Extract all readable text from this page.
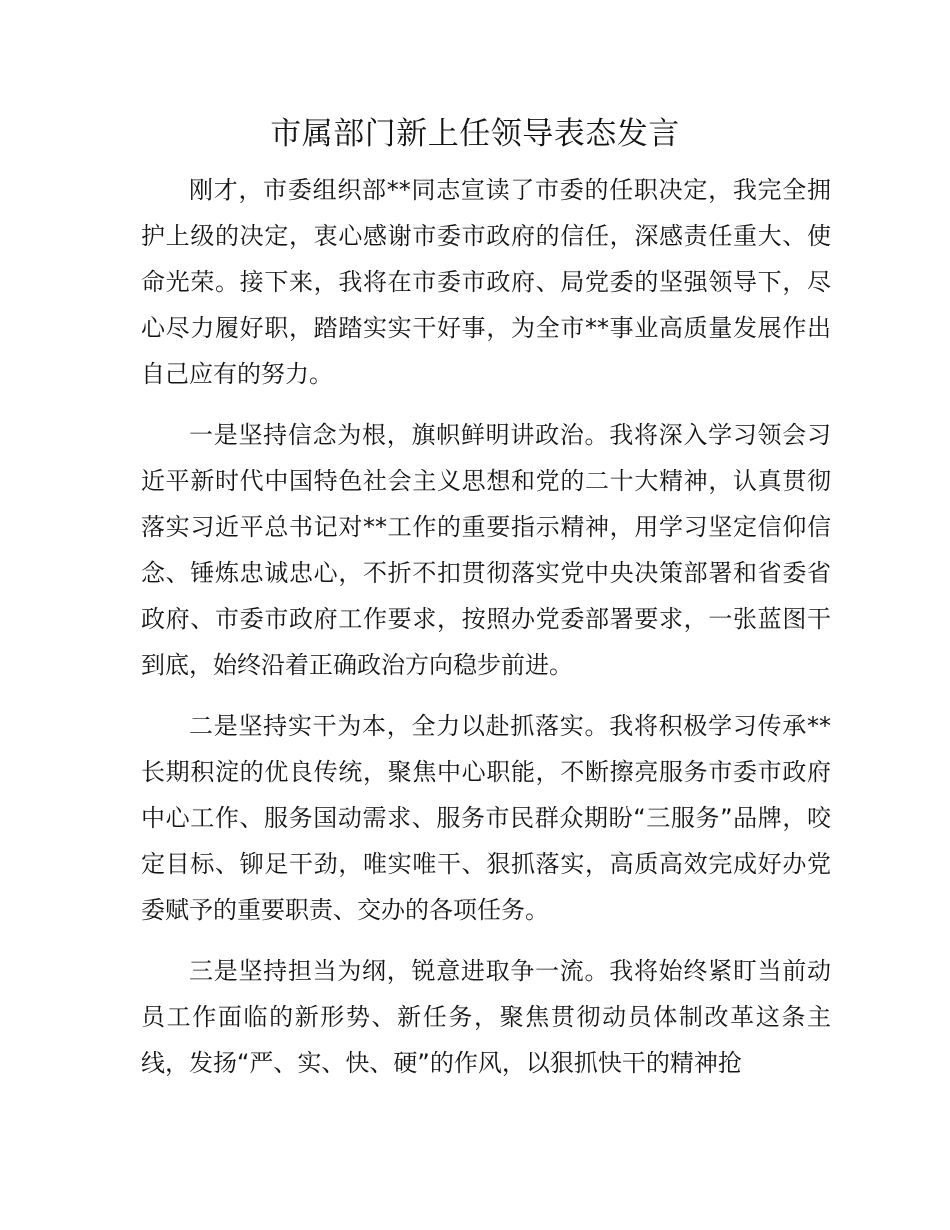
市属部门新上任领导表态发言

刚才，市委组织部**同志宣读了市委的任职决定，我完全拥护上级的决定，衷心感谢市委市政府的信任，深感责任重大、使命光荣。接下来，我将在市委市政府、局党委的坚强领导下，尽心尽力履好职，踏踏实实干好事，为全市**事业高质量发展作出自己应有的努力。

一是坚持信念为根，旗帜鲜明讲政治。我将深入学习领会习近平新时代中国特色社会主义思想和党的二十大精神，认真贯彻落实习近平总书记对**工作的重要指示精神，用学习坚定信仰信念、锤炼忠诚忠心，不折不扣贯彻落实党中央决策部署和省委省政府、市委市政府工作要求，按照办党委部署要求，一张蓝图干到底，始终沿着正确政治方向稳步前进。

二是坚持实干为本，全力以赴抓落实。我将积极学习传承**长期积淀的优良传统，聚焦中心职能，不断擦亮服务市委市政府中心工作、服务国动需求、服务市民群众期盼“三服务”品牌，咬定目标、铆足干劲，唯实唯干、狠抓落实，高质高效完成好办党委赋予的重要职责、交办的各项任务。

三是坚持担当为纲，锐意进取争一流。我将始终紧盯当前动员工作面临的新形势、新任务，聚焦贯彻动员体制改革这条主线，发扬“严、实、快、硬”的作风，以狠抓快干的精神抢
